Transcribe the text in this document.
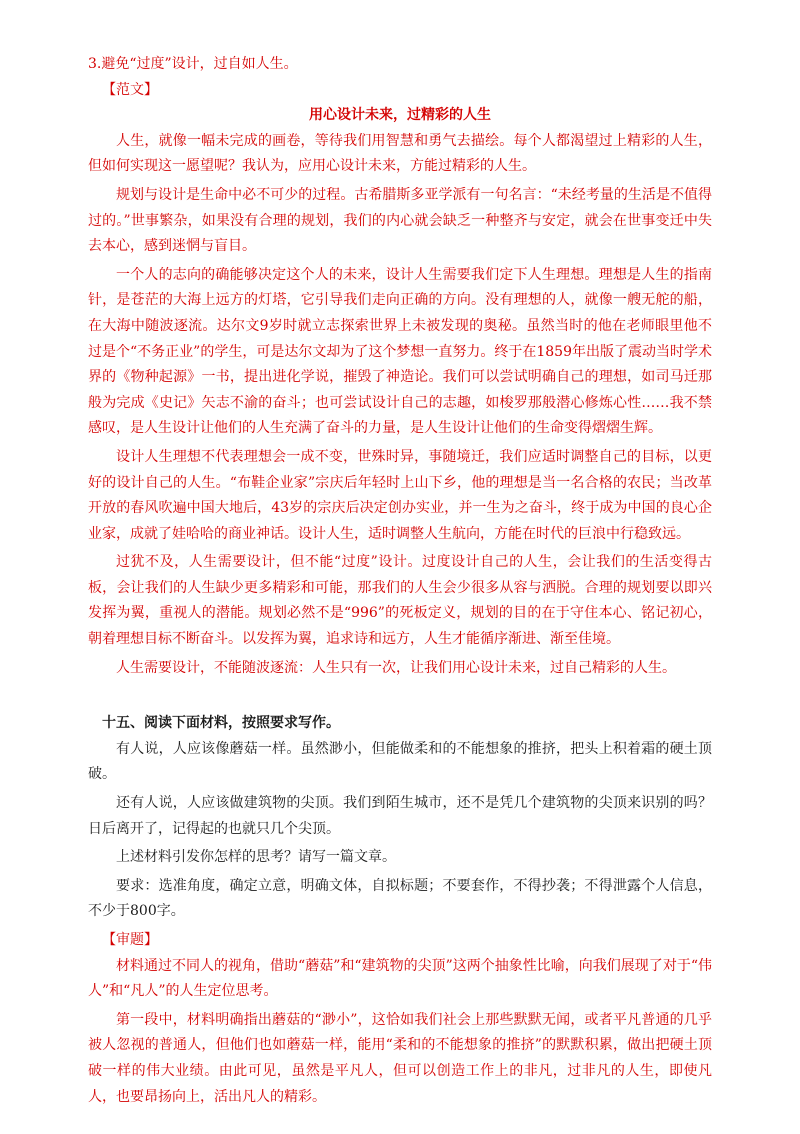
3.避免“过度”设计，过自如人生。

【范文】

用心设计未来，过精彩的人生

人生，就像一幅未完成的画卷，等待我们用智慧和勇气去描绘。每个人都渴望过上精彩的人生，但如何实现这一愿望呢？我认为，应用心设计未来，方能过精彩的人生。

规划与设计是生命中必不可少的过程。古希腊斯多亚学派有一句名言：“未经考量的生活是不值得过的。”世事繁杂，如果没有合理的规划，我们的内心就会缺乏一种整齐与安定，就会在世事变迁中失去本心，感到迷惘与盲目。

一个人的志向的确能够决定这个人的未来，设计人生需要我们定下人生理想。理想是人生的指南针，是苍茫的大海上远方的灯塔，它引导我们走向正确的方向。没有理想的人，就像一艘无舵的船，在大海中随波逐流。达尔文9岁时就立志探索世界上未被发现的奥秘。虽然当时的他在老师眼里他不过是个“不务正业”的学生，可是达尔文却为了这个梦想一直努力。终于在1859年出版了震动当时学术界的《物种起源》一书，提出进化学说，摧毁了神造论。我们可以尝试明确自己的理想，如司马迁那般为完成《史记》矢志不渝的奋斗；也可尝试设计自己的志趣，如梭罗那般潜心修炼心性……我不禁感叹，是人生设计让他们的人生充满了奋斗的力量，是人生设计让他们的生命变得熠熠生辉。

设计人生理想不代表理想会一成不变，世殊时异，事随境迁，我们应适时调整自己的目标，以更好的设计自己的人生。“布鞋企业家”宗庆后年轻时上山下乡，他的理想是当一名合格的农民；当改革开放的春风吹遍中国大地后，43岁的宗庆后决定创办实业，并一生为之奋斗，终于成为中国的良心企业家，成就了娃哈哈的商业神话。设计人生，适时调整人生航向，方能在时代的巨浪中行稳致远。

过犹不及，人生需要设计，但不能“过度”设计。过度设计自己的人生，会让我们的生活变得古板，会让我们的人生缺少更多精彩和可能，那我们的人生会少很多从容与洒脱。合理的规划要以即兴发挥为翼，重视人的潜能。规划必然不是“996”的死板定义，规划的目的在于守住本心、铭记初心，朝着理想目标不断奋斗。以发挥为翼，追求诗和远方，人生才能循序渐进、渐至佳境。

人生需要设计，不能随波逐流：人生只有一次，让我们用心设计未来，过自己精彩的人生。

十五、阅读下面材料，按照要求写作。

有人说，人应该像蘑菇一样。虽然渺小，但能做柔和的不能想象的推挤，把头上积着霜的硬土顶破。

还有人说，人应该做建筑物的尖顶。我们到陌生城市，还不是凭几个建筑物的尖顶来识别的吗？日后离开了，记得起的也就只几个尖顶。

上述材料引发你怎样的思考？请写一篇文章。

要求：选准角度，确定立意，明确文体，自拟标题；不要套作，不得抄袭；不得泄露个人信息，不少于800字。

【审题】

材料通过不同人的视角，借助“蘑菇”和“建筑物的尖顶”这两个抽象性比喻，向我们展现了对于“伟人”和“凡人”的人生定位思考。

第一段中，材料明确指出蘑菇的“渺小”，这恰如我们社会上那些默默无闻，或者平凡普通的几乎被人忽视的普通人，但他们也如蘑菇一样，能用“柔和的不能想象的推挤”的默默积累，做出把硬土顶破一样的伟大业绩。由此可见，虽然是平凡人，但可以创造工作上的非凡，过非凡的人生，即使凡人，也要昂扬向上，活出凡人的精彩。
